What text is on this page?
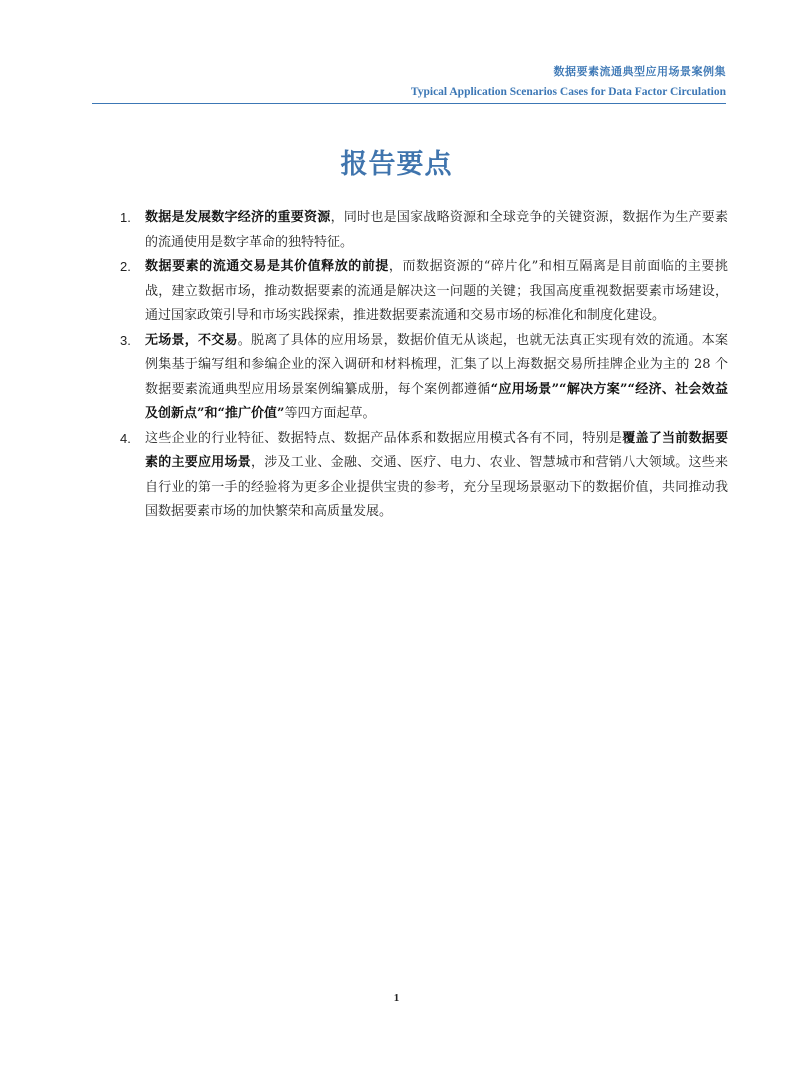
数据要素流通典型应用场景案例集
Typical Application Scenarios Cases for Data Factor Circulation
报告要点
1. 数据是发展数字经济的重要资源，同时也是国家战略资源和全球竞争的关键资源，数据作为生产要素的流通使用是数字革命的独特特征。
2. 数据要素的流通交易是其价值释放的前提，而数据资源的“碎片化”和相互隔离是目前面临的主要挑战，建立数据市场，推动数据要素的流通是解决这一问题的关键；我国高度重视数据要素市场建设，通过国家政策引导和市场实践探索，推进数据要素流通和交易市场的标准化和制度化建设。
3. 无场景，不交易。脱离了具体的应用场景，数据价值无从谈起，也就无法真正实现有效的流通。本案例集基于编写组和参编企业的深入调研和材料梳理，汇集了以上海数据交易所挂牌企业为主的 28 个数据要素流通典型应用场景案例编纂成册，每个案例都遵循“应用场景”“解决方案”“经济、社会效益及创新点”和“推广价值”等四方面起草。
4. 这些企业的行业特征、数据特点、数据产品体系和数据应用模式各有不同，特别是覆盖了当前数据要素的主要应用场景，涉及工业、金融、交通、医疗、电力、农业、智慧城市和营销八大领域。这些来自行业的第一手的经验将为更多企业提供宝贵的参考，充分呈现场景驱动下的数据价值，共同推动我国数据要素市场的加快繁荣和高质量发展。
1
